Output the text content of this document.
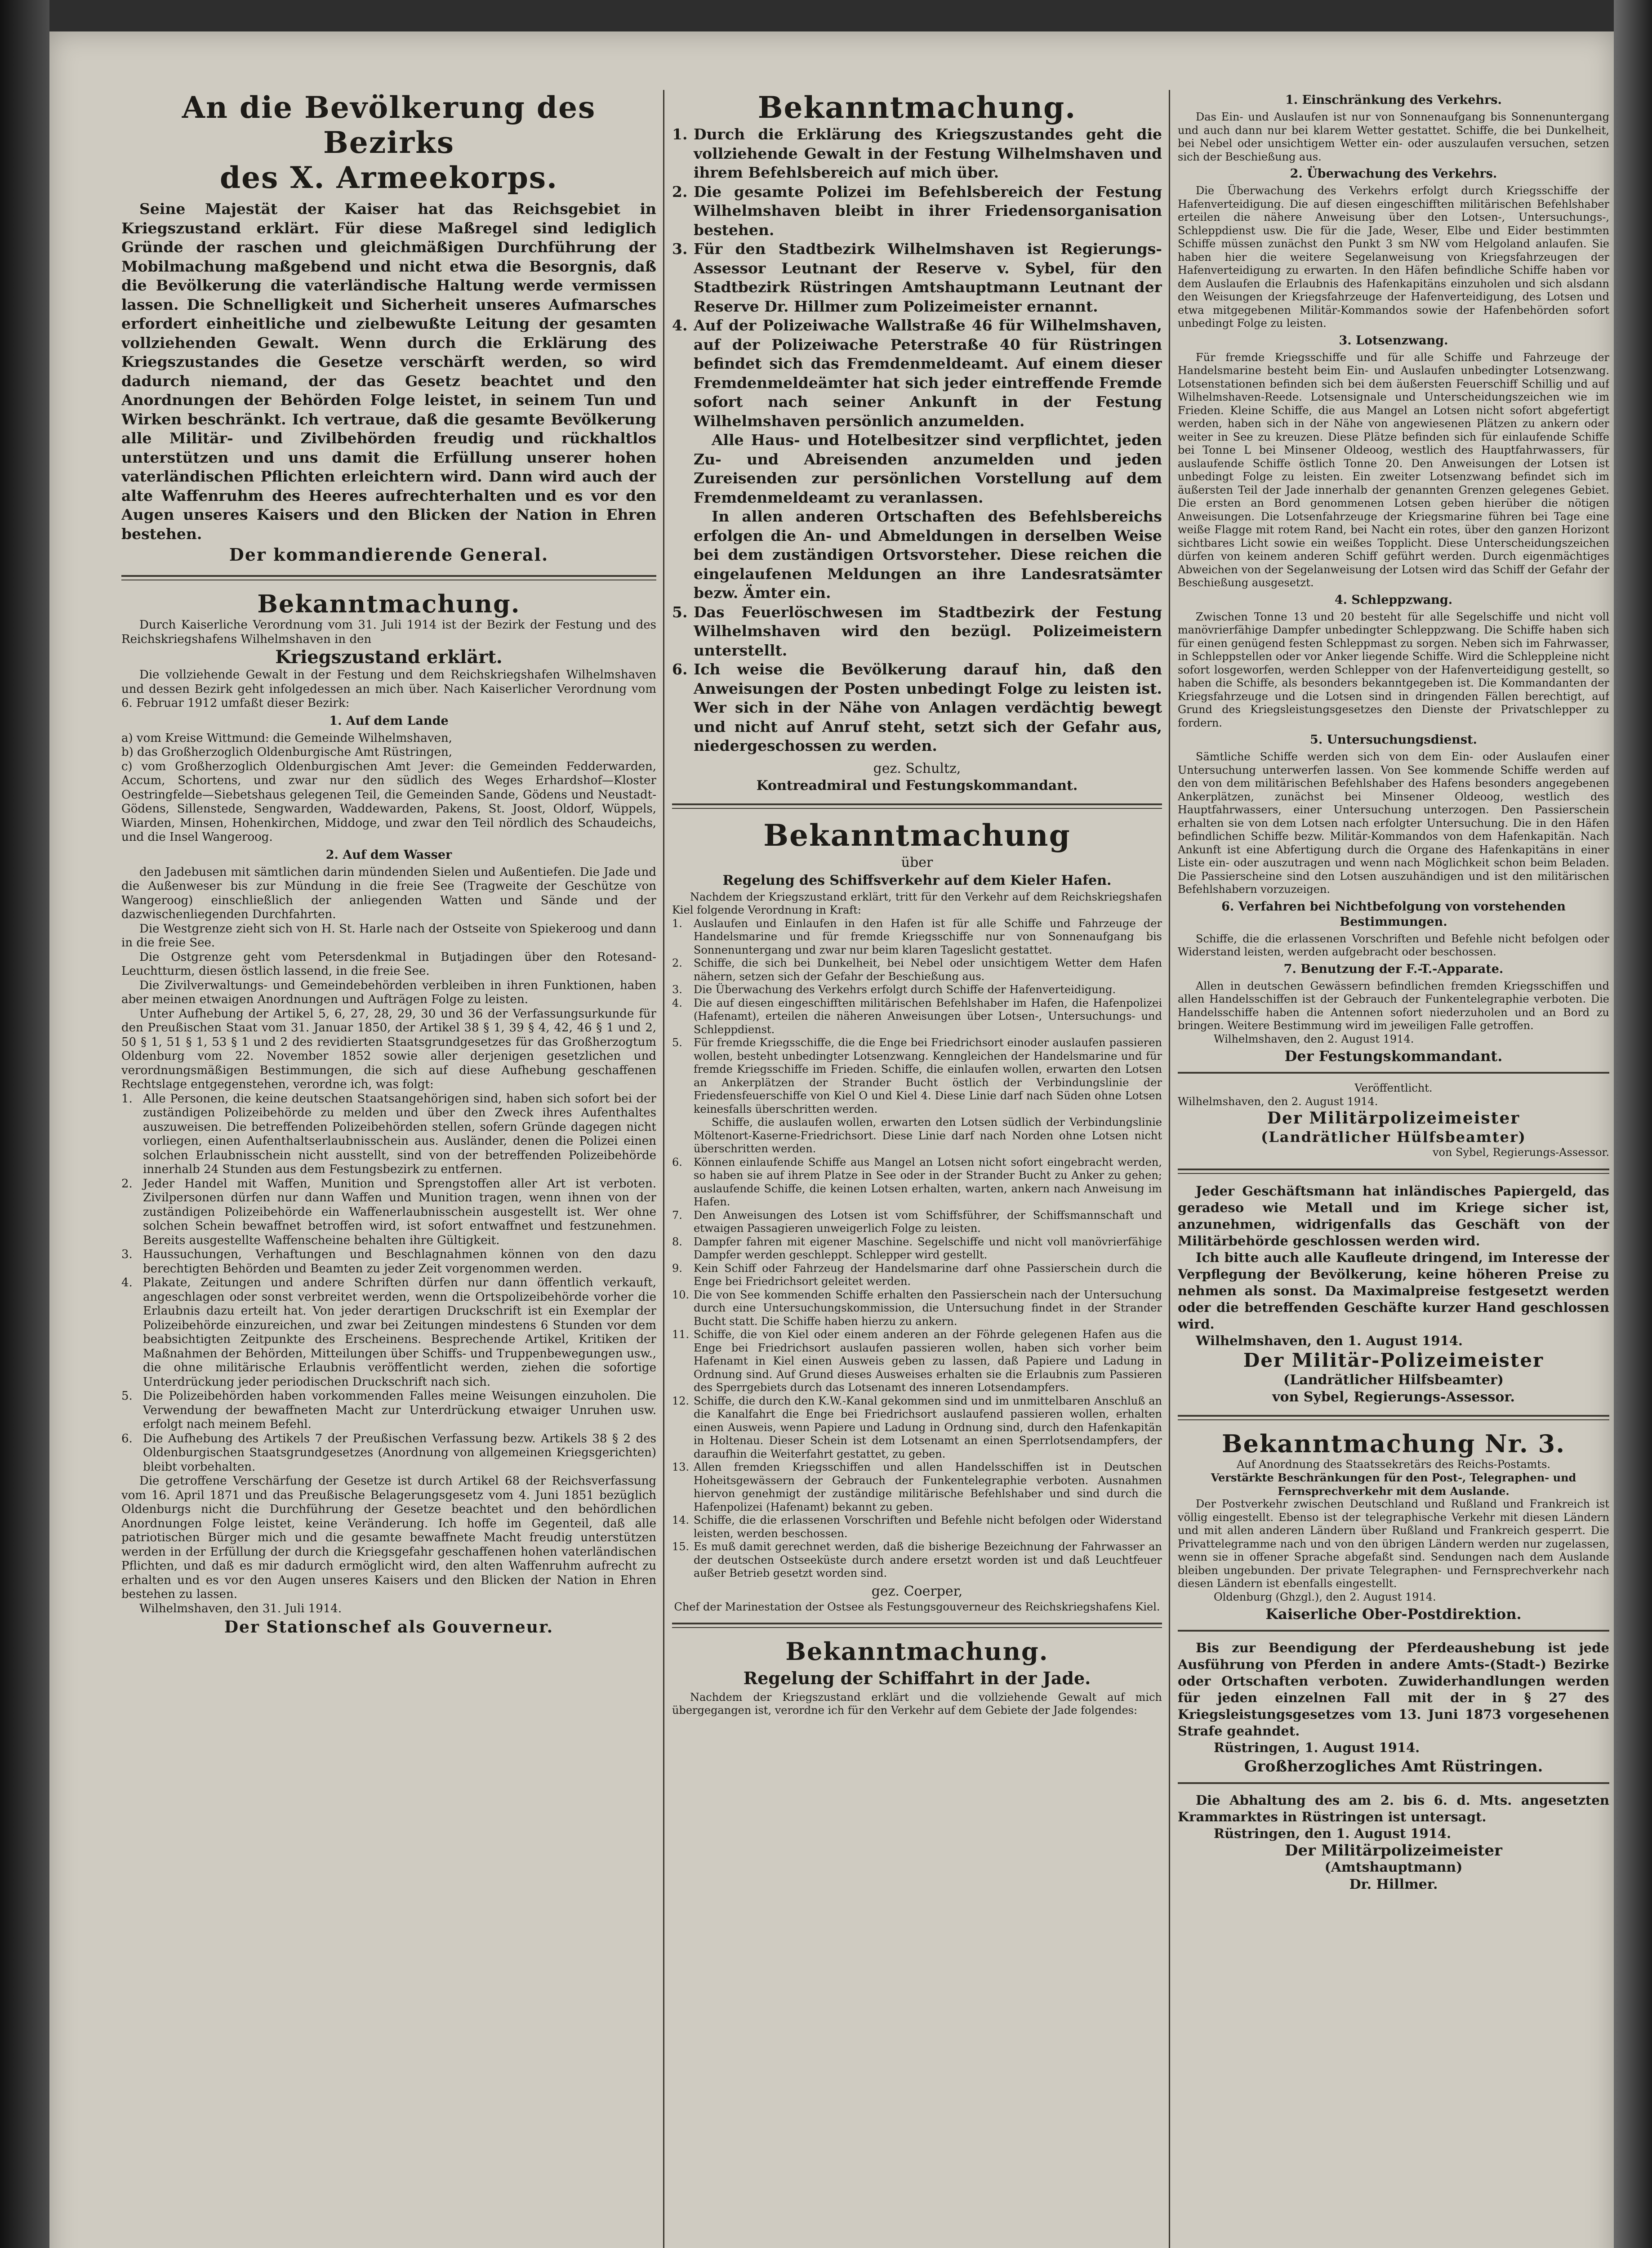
An die Bevölkerung des Bezirks
des X. Armeekorps.

Seine Majestät der Kaiser hat das Reichsgebiet in Kriegszustand erklärt. Für diese Maßregel sind lediglich Gründe der raschen und gleichmäßigen Durchführung der Mobilmachung maßgebend und nicht etwa die Besorgnis, daß die Bevölkerung die vaterländische Haltung werde vermissen lassen. Die Schnelligkeit und Sicherheit unseres Aufmarsches erfordert einheitliche und zielbewußte Leitung der gesamten vollziehenden Gewalt. Wenn durch die Erklärung des Kriegszustandes die Gesetze verschärft werden, so wird dadurch niemand, der das Gesetz beachtet und den Anordnungen der Behörden Folge leistet, in seinem Tun und Wirken beschränkt. Ich vertraue, daß die gesamte Bevölkerung alle Militär- und Zivilbehörden freudig und rückhaltlos unterstützen und uns damit die Erfüllung unserer hohen vaterländischen Pflichten erleichtern wird. Dann wird auch der alte Waffenruhm des Heeres aufrechterhalten und es vor den Augen unseres Kaisers und den Blicken der Nation in Ehren bestehen.

Der kommandierende General.
Bekanntmachung.

Durch Kaiserliche Verordnung vom 31. Juli 1914 ist der Bezirk der Festung und des Reichskriegshafens Wilhelmshaven in den

Kriegszustand erklärt.

Die vollziehende Gewalt in der Festung und dem Reichskriegshafen Wilhelmshaven und dessen Bezirk geht infolgedessen an mich über. Nach Kaiserlicher Verordnung vom 6. Februar 1912 umfaßt dieser Bezirk:

1. Auf dem Lande

a) vom Kreise Wittmund: die Gemeinde Wilhelmshaven,

b) das Großherzoglich Oldenburgische Amt Rüstringen,

c) vom Großherzoglich Oldenburgischen Amt Jever: die Gemeinden Fedderwarden, Accum, Schortens, und zwar nur den südlich des Weges Erhardshof—Kloster Oestringfelde—Siebetshaus gelegenen Teil, die Gemeinden Sande, Gödens und Neustadt-Gödens, Sillenstede, Sengwarden, Waddewarden, Pakens, St. Joost, Oldorf, Wüppels, Wiarden, Minsen, Hohenkirchen, Middoge, und zwar den Teil nördlich des Schaudeichs, und die Insel Wangeroog.

2. Auf dem Wasser

den Jadebusen mit sämtlichen darin mündenden Sielen und Außentiefen. Die Jade und die Außenweser bis zur Mündung in die freie See (Tragweite der Geschütze von Wangeroog) einschließlich der anliegenden Watten und Sände und der dazwischenliegenden Durchfahrten.

Die Westgrenze zieht sich von H. St. Harle nach der Ostseite von Spiekeroog und dann in die freie See.

Die Ostgrenze geht vom Petersdenkmal in Butjadingen über den Rotesand-Leuchtturm, diesen östlich lassend, in die freie See.

Die Zivilverwaltungs- und Gemeindebehörden verbleiben in ihren Funktionen, haben aber meinen etwaigen Anordnungen und Aufträgen Folge zu leisten.

Unter Aufhebung der Artikel 5, 6, 27, 28, 29, 30 und 36 der Verfassungsurkunde für den Preußischen Staat vom 31. Januar 1850, der Artikel 38 § 1, 39 § 4, 42, 46 § 1 und 2, 50 § 1, 51 § 1, 53 § 1 und 2 des revidierten Staatsgrundgesetzes für das Großherzogtum Oldenburg vom 22. November 1852 sowie aller derjenigen gesetzlichen und verordnungsmäßigen Bestimmungen, die sich auf diese Aufhebung geschaffenen Rechtslage entgegenstehen, verordne ich, was folgt:

1. Alle Personen, die keine deutschen Staatsangehörigen sind, haben sich sofort bei der zuständigen Polizeibehörde zu melden und über den Zweck ihres Aufenthaltes auszuweisen. Die betreffenden Polizeibehörden stellen, sofern Gründe dagegen nicht vorliegen, einen Aufenthaltserlaubnisschein aus. Ausländer, denen die Polizei einen solchen Erlaubnisschein nicht ausstellt, sind von der betreffenden Polizeibehörde innerhalb 24 Stunden aus dem Festungsbezirk zu entfernen.

2. Jeder Handel mit Waffen, Munition und Sprengstoffen aller Art ist verboten. Zivilpersonen dürfen nur dann Waffen und Munition tragen, wenn ihnen von der zuständigen Polizeibehörde ein Waffenerlaubnisschein ausgestellt ist. Wer ohne solchen Schein bewaffnet betroffen wird, ist sofort entwaffnet und festzunehmen. Bereits ausgestellte Waffenscheine behalten ihre Gültigkeit.

3. Haussuchungen, Verhaftungen und Beschlagnahmen können von den dazu berechtigten Behörden und Beamten zu jeder Zeit vorgenommen werden.

4. Plakate, Zeitungen und andere Schriften dürfen nur dann öffentlich verkauft, angeschlagen oder sonst verbreitet werden, wenn die Ortspolizeibehörde vorher die Erlaubnis dazu erteilt hat. Von jeder derartigen Druckschrift ist ein Exemplar der Polizeibehörde einzureichen, und zwar bei Zeitungen mindestens 6 Stunden vor dem beabsichtigten Zeitpunkte des Erscheinens. Besprechende Artikel, Kritiken der Maßnahmen der Behörden, Mitteilungen über Schiffs- und Truppenbewegungen usw., die ohne militärische Erlaubnis veröffentlicht werden, ziehen die sofortige Unterdrückung jeder periodischen Druckschrift nach sich.

5. Die Polizeibehörden haben vorkommenden Falles meine Weisungen einzuholen. Die Verwendung der bewaffneten Macht zur Unterdrückung etwaiger Unruhen usw. erfolgt nach meinem Befehl.

6. Die Aufhebung des Artikels 7 der Preußischen Verfassung bezw. Artikels 38 § 2 des Oldenburgischen Staatsgrundgesetzes (Anordnung von allgemeinen Kriegsgerichten) bleibt vorbehalten.

Die getroffene Verschärfung der Gesetze ist durch Artikel 68 der Reichsverfassung vom 16. April 1871 und das Preußische Belagerungsgesetz vom 4. Juni 1851 bezüglich Oldenburgs nicht die Durchführung der Gesetze beachtet und den behördlichen Anordnungen Folge leistet, keine Veränderung. Ich hoffe im Gegenteil, daß alle patriotischen Bürger mich und die gesamte bewaffnete Macht freudig unterstützen werden in der Erfüllung der durch die Kriegsgefahr geschaffenen hohen vaterländischen Pflichten, und daß es mir dadurch ermöglicht wird, den alten Waffenruhm aufrecht zu erhalten und es vor den Augen unseres Kaisers und den Blicken der Nation in Ehren bestehen zu lassen.

Wilhelmshaven, den 31. Juli 1914.

Der Stationschef als Gouverneur.
Bekanntmachung.
1. Durch die Erklärung des Kriegszustandes geht die vollziehende Gewalt in der Festung Wilhelmshaven und ihrem Befehlsbereich auf mich über.

2. Die gesamte Polizei im Befehlsbereich der Festung Wilhelmshaven bleibt in ihrer Friedensorganisation bestehen.

3. Für den Stadtbezirk Wilhelmshaven ist Regierungs-Assessor Leutnant der Reserve v. Sybel, für den Stadtbezirk Rüstringen Amtshauptmann Leutnant der Reserve Dr. Hillmer zum Polizeimeister ernannt.

4. Auf der Polizeiwache Wallstraße 46 für Wilhelmshaven, auf der Polizeiwache Peterstraße 40 für Rüstringen befindet sich das Fremdenmeldeamt. Auf einem dieser Fremdenmeldeämter hat sich jeder eintreffende Fremde sofort nach seiner Ankunft in der Festung Wilhelmshaven persönlich anzumelden.

Alle Haus- und Hotelbesitzer sind verpflichtet, jeden Zu- und Abreisenden anzumelden und jeden Zureisenden zur persönlichen Vorstellung auf dem Fremdenmeldeamt zu veranlassen.

In allen anderen Ortschaften des Befehlsbereichs erfolgen die An- und Abmeldungen in derselben Weise bei dem zuständigen Ortsvorsteher. Diese reichen die eingelaufenen Meldungen an ihre Landesratsämter bezw. Ämter ein.

5. Das Feuerlöschwesen im Stadtbezirk der Festung Wilhelmshaven wird den bezügl. Polizeimeistern unterstellt.

6. Ich weise die Bevölkerung darauf hin, daß den Anweisungen der Posten unbedingt Folge zu leisten ist. Wer sich in der Nähe von Anlagen verdächtig bewegt und nicht auf Anruf steht, setzt sich der Gefahr aus, niedergeschossen zu werden.

gez. Schultz,
Kontreadmiral und Festungskommandant.
Bekanntmachung
über
Regelung des Schiffsverkehr auf dem Kieler Hafen.

Nachdem der Kriegszustand erklärt, tritt für den Verkehr auf dem Reichskriegshafen Kiel folgende Verordnung in Kraft:

1.	Auslaufen und Einlaufen in den Hafen ist für alle Schiffe und Fahrzeuge der Handelsmarine und für fremde Kriegsschiffe nur von Sonnenaufgang bis Sonnenuntergang und zwar nur beim klaren Tageslicht gestattet.

2.	Schiffe, die sich bei Dunkelheit, bei Nebel oder unsichtigem Wetter dem Hafen nähern, setzen sich der Gefahr der Beschießung aus.

3.	Die Überwachung des Verkehrs erfolgt durch Schiffe der Hafenverteidigung.

4.	Die auf diesen eingeschifften militärischen Befehlshaber im Hafen, die Hafenpolizei (Hafenamt), erteilen die näheren Anweisungen über Lotsen-, Untersuchungs- und Schleppdienst.

5.	Für fremde Kriegsschiffe, die die Enge bei Friedrichsort einoder auslaufen passieren wollen, besteht unbedingter Lotsenzwang. Kenngleichen der Handelsmarine und für fremde Kriegsschiffe im Frieden. Schiffe, die einlaufen wollen, erwarten den Lotsen an Ankerplätzen der Strander Bucht östlich der Verbindungslinie der Friedensfeuerschiffe von Kiel O und Kiel 4. Diese Linie darf nach Süden ohne Lotsen keinesfalls überschritten werden.

Schiffe, die auslaufen wollen, erwarten den Lotsen südlich der Verbindungslinie Möltenort-Kaserne-Friedrichsort. Diese Linie darf nach Norden ohne Lotsen nicht überschritten werden.

6.	Können einlaufende Schiffe aus Mangel an Lotsen nicht sofort eingebracht werden, so haben sie auf ihrem Platze in See oder in der Strander Bucht zu Anker zu gehen; auslaufende Schiffe, die keinen Lotsen erhalten, warten, ankern nach Anweisung im Hafen.

7.	Den Anweisungen des Lotsen ist vom Schiffsführer, der Schiffsmannschaft und etwaigen Passagieren unweigerlich Folge zu leisten.

8.	Dampfer fahren mit eigener Maschine. Segelschiffe und nicht voll manövrierfähige Dampfer werden geschleppt. Schlepper wird gestellt.

9.	Kein Schiff oder Fahrzeug der Handelsmarine darf ohne Passierschein durch die Enge bei Friedrichsort geleitet werden.

10. Die von See kommenden Schiffe erhalten den Passierschein nach der Untersuchung durch eine Untersuchungskommission, die Untersuchung findet in der Strander Bucht statt. Die Schiffe haben hierzu zu ankern.

11. Schiffe, die von Kiel oder einem anderen an der Föhrde gelegenen Hafen aus die Enge bei Friedrichsort auslaufen passieren wollen, haben sich vorher beim Hafenamt in Kiel einen Ausweis geben zu lassen, daß Papiere und Ladung in Ordnung sind. Auf Grund dieses Ausweises erhalten sie die Erlaubnis zum Passieren des Sperrgebiets durch das Lotsenamt des inneren Lotsendampfers.

12. Schiffe, die durch den K.W.-Kanal gekommen sind und im unmittelbaren Anschluß an die Kanalfahrt die Enge bei Friedrichsort auslaufend passieren wollen, erhalten einen Ausweis, wenn Papiere und Ladung in Ordnung sind, durch den Hafenkapitän in Holtenau. Dieser Schein ist dem Lotsenamt an einen Sperrlotsendampfers, der daraufhin die Weiterfahrt gestattet, zu geben.

13. Allen fremden Kriegsschiffen und allen Handelsschiffen ist in Deutschen Hoheitsgewässern der Gebrauch der Funkentelegraphie verboten. Ausnahmen hiervon genehmigt der zuständige militärische Befehlshaber und sind durch die Hafenpolizei (Hafenamt) bekannt zu geben.

14. Schiffe, die die erlassenen Vorschriften und Befehle nicht befolgen oder Widerstand leisten, werden beschossen.

15. Es muß damit gerechnet werden, daß die bisherige Bezeichnung der Fahrwasser an der deutschen Ostseeküste durch andere ersetzt worden ist und daß Leuchtfeuer außer Betrieb gesetzt worden sind.

gez. Coerper,
Chef der Marinestation der Ostsee als Festungsgouverneur des Reichskriegshafens Kiel.
Bekanntmachung.
Regelung der Schiffahrt in der Jade.

Nachdem der Kriegszustand erklärt und die vollziehende Gewalt auf mich übergegangen ist, verordne ich für den Verkehr auf dem Gebiete der Jade folgendes:

1. Einschränkung des Verkehrs.

Das Ein- und Auslaufen ist nur von Sonnenaufgang bis Sonnenuntergang und auch dann nur bei klarem Wetter gestattet. Schiffe, die bei Dunkelheit, bei Nebel oder unsichtigem Wetter ein- oder auszulaufen versuchen, setzen sich der Beschießung aus.

2. Überwachung des Verkehrs.

Die Überwachung des Verkehrs erfolgt durch Kriegsschiffe der Hafenverteidigung. Die auf diesen eingeschifften militärischen Befehlshaber erteilen die nähere Anweisung über den Lotsen-, Untersuchungs-, Schleppdienst usw. Die für die Jade, Weser, Elbe und Eider bestimmten Schiffe müssen zunächst den Punkt 3 sm NW vom Helgoland anlaufen. Sie haben hier die weitere Segelanweisung von Kriegsfahrzeugen der Hafenverteidigung zu erwarten. In den Häfen befindliche Schiffe haben vor dem Auslaufen die Erlaubnis des Hafenkapitäns einzuholen und sich alsdann den Weisungen der Kriegsfahrzeuge der Hafenverteidigung, des Lotsen und etwa mitgegebenen Militär-Kommandos sowie der Hafenbehörden sofort unbedingt Folge zu leisten.

3. Lotsenzwang.

Für fremde Kriegsschiffe und für alle Schiffe und Fahrzeuge der Handelsmarine besteht beim Ein- und Auslaufen unbedingter Lotsenzwang. Lotsenstationen befinden sich bei dem äußersten Feuerschiff Schillig und auf Wilhelmshaven-Reede. Lotsensignale und Unterscheidungszeichen wie im Frieden. Kleine Schiffe, die aus Mangel an Lotsen nicht sofort abgefertigt werden, haben sich in der Nähe von angewiesenen Plätzen zu ankern oder weiter in See zu kreuzen. Diese Plätze befinden sich für einlaufende Schiffe bei Tonne L bei Minsener Oldeoog, westlich des Hauptfahrwassers, für auslaufende Schiffe östlich Tonne 20. Den Anweisungen der Lotsen ist unbedingt Folge zu leisten. Ein zweiter Lotsenzwang befindet sich im äußersten Teil der Jade innerhalb der genannten Grenzen gelegenes Gebiet. Die ersten an Bord genommenen Lotsen geben hierüber die nötigen Anweisungen. Die Lotsenfahrzeuge der Kriegsmarine führen bei Tage eine weiße Flagge mit rotem Rand, bei Nacht ein rotes, über den ganzen Horizont sichtbares Licht sowie ein weißes Topplicht. Diese Unterscheidungszeichen dürfen von keinem anderen Schiff geführt werden. Durch eigenmächtiges Abweichen von der Segelanweisung der Lotsen wird das Schiff der Gefahr der Beschießung ausgesetzt.

4. Schleppzwang.

Zwischen Tonne 13 und 20 besteht für alle Segelschiffe und nicht voll manövrierfähige Dampfer unbedingter Schleppzwang. Die Schiffe haben sich für einen genügend festen Schleppmast zu sorgen. Neben sich im Fahrwasser, in Schleppstellen oder vor Anker liegende Schiffe. Wird die Schleppleine nicht sofort losgeworfen, werden Schlepper von der Hafenverteidigung gestellt, so haben die Schiffe, als besonders bekanntgegeben ist. Die Kommandanten der Kriegsfahrzeuge und die Lotsen sind in dringenden Fällen berechtigt, auf Grund des Kriegsleistungsgesetzes den Dienste der Privatschlepper zu fordern.

5. Untersuchungsdienst.

Sämtliche Schiffe werden sich von dem Ein- oder Auslaufen einer Untersuchung unterwerfen lassen. Von See kommende Schiffe werden auf den von dem militärischen Befehlshaber des Hafens besonders angegebenen Ankerplätzen, zunächst bei Minsener Oldeoog, westlich des Hauptfahrwassers, einer Untersuchung unterzogen. Den Passierschein erhalten sie von dem Lotsen nach erfolgter Untersuchung. Die in den Häfen befindlichen Schiffe bezw. Militär-Kommandos von dem Hafenkapitän. Nach Ankunft ist eine Abfertigung durch die Organe des Hafenkapitäns in einer Liste ein- oder auszutragen und wenn nach Möglichkeit schon beim Beladen. Die Passierscheine sind den Lotsen auszuhändigen und ist den militärischen Befehlshabern vorzuzeigen.

6. Verfahren bei Nichtbefolgung von vorstehenden Bestimmungen.

Schiffe, die die erlassenen Vorschriften und Befehle nicht befolgen oder Widerstand leisten, werden aufgebracht oder beschossen.

7. Benutzung der F.-T.-Apparate.

Allen in deutschen Gewässern befindlichen fremden Kriegsschiffen und allen Handelsschiffen ist der Gebrauch der Funkentelegraphie verboten. Die Handelsschiffe haben die Antennen sofort niederzuholen und an Bord zu bringen. Weitere Bestimmung wird im jeweiligen Falle getroffen.

Wilhelmshaven, den 2. August 1914.

Der Festungskommandant.

Veröffentlicht.

Wilhelmshaven, den 2. August 1914.

Der Militärpolizeimeister
(Landrätlicher Hülfsbeamter)

von Sybel, Regierungs-Assessor.

Jeder Geschäftsmann hat inländisches Papiergeld, das geradeso wie Metall und im Kriege sicher ist, anzunehmen, widrigenfalls das Geschäft von der Militärbehörde geschlossen werden wird.

Ich bitte auch alle Kaufleute dringend, im Interesse der Verpflegung der Bevölkerung, keine höheren Preise zu nehmen als sonst. Da Maximalpreise festgesetzt werden oder die betreffenden Geschäfte kurzer Hand geschlossen wird.

Wilhelmshaven, den 1. August 1914.

Der Militär-Polizeimeister
(Landrätlicher Hilfsbeamter)
von Sybel, Regierungs-Assessor.
Bekanntmachung Nr. 3.

Auf Anordnung des Staatssekretärs des Reichs-Postamts.

Verstärkte Beschränkungen für den Post-, Telegraphen- und Fernsprechverkehr mit dem Auslande.

Der Postverkehr zwischen Deutschland und Rußland und Frankreich ist völlig eingestellt. Ebenso ist der telegraphische Verkehr mit diesen Ländern und mit allen anderen Ländern über Rußland und Frankreich gesperrt. Die Privattelegramme nach und von den übrigen Ländern werden nur zugelassen, wenn sie in offener Sprache abgefaßt sind. Sendungen nach dem Auslande bleiben ungebunden. Der private Telegraphen- und Fernsprechverkehr nach diesen Ländern ist ebenfalls eingestellt.

Oldenburg (Ghzgl.), den 2. August 1914.

Kaiserliche Ober-Postdirektion.

Bis zur Beendigung der Pferdeaushebung ist jede Ausführung von Pferden in andere Amts-(Stadt-) Bezirke oder Ortschaften verboten. Zuwiderhandlungen werden für jeden einzelnen Fall mit der in § 27 des Kriegsleistungsgesetzes vom 13. Juni 1873 vorgesehenen Strafe geahndet.

Rüstringen, 1. August 1914.

Großherzogliches Amt Rüstringen.

Die Abhaltung des am 2. bis 6. d. Mts. angesetzten Krammarktes in Rüstringen ist untersagt.

Rüstringen, den 1. August 1914.

Der Militärpolizeimeister
(Amtshauptmann)
Dr. Hillmer.
